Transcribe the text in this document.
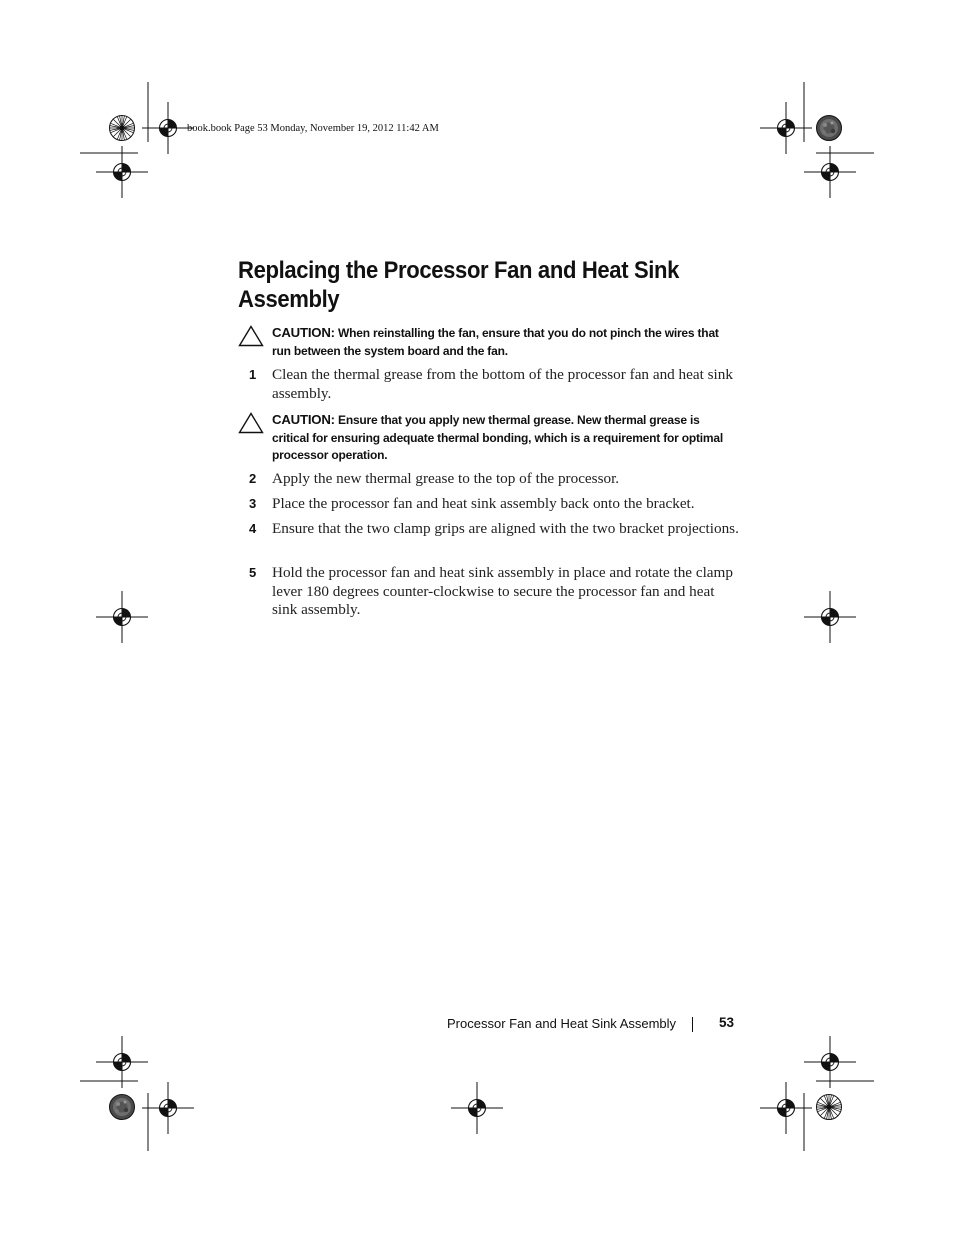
book.book Page 53 Monday, November 19, 2012 11:42 AM
Replacing the Processor Fan and Heat Sink Assembly
CAUTION: When reinstalling the fan, ensure that you do not pinch the wires that run between the system board and the fan.
1 Clean the thermal grease from the bottom of the processor fan and heat sink assembly.
CAUTION: Ensure that you apply new thermal grease. New thermal grease is critical for ensuring adequate thermal bonding, which is a requirement for optimal processor operation.
2 Apply the new thermal grease to the top of the processor.
3 Place the processor fan and heat sink assembly back onto the bracket.
4 Ensure that the two clamp grips are aligned with the two bracket projections.
5 Hold the processor fan and heat sink assembly in place and rotate the clamp lever 180 degrees counter-clockwise to secure the processor fan and heat sink assembly.
Processor Fan and Heat Sink Assembly	53
